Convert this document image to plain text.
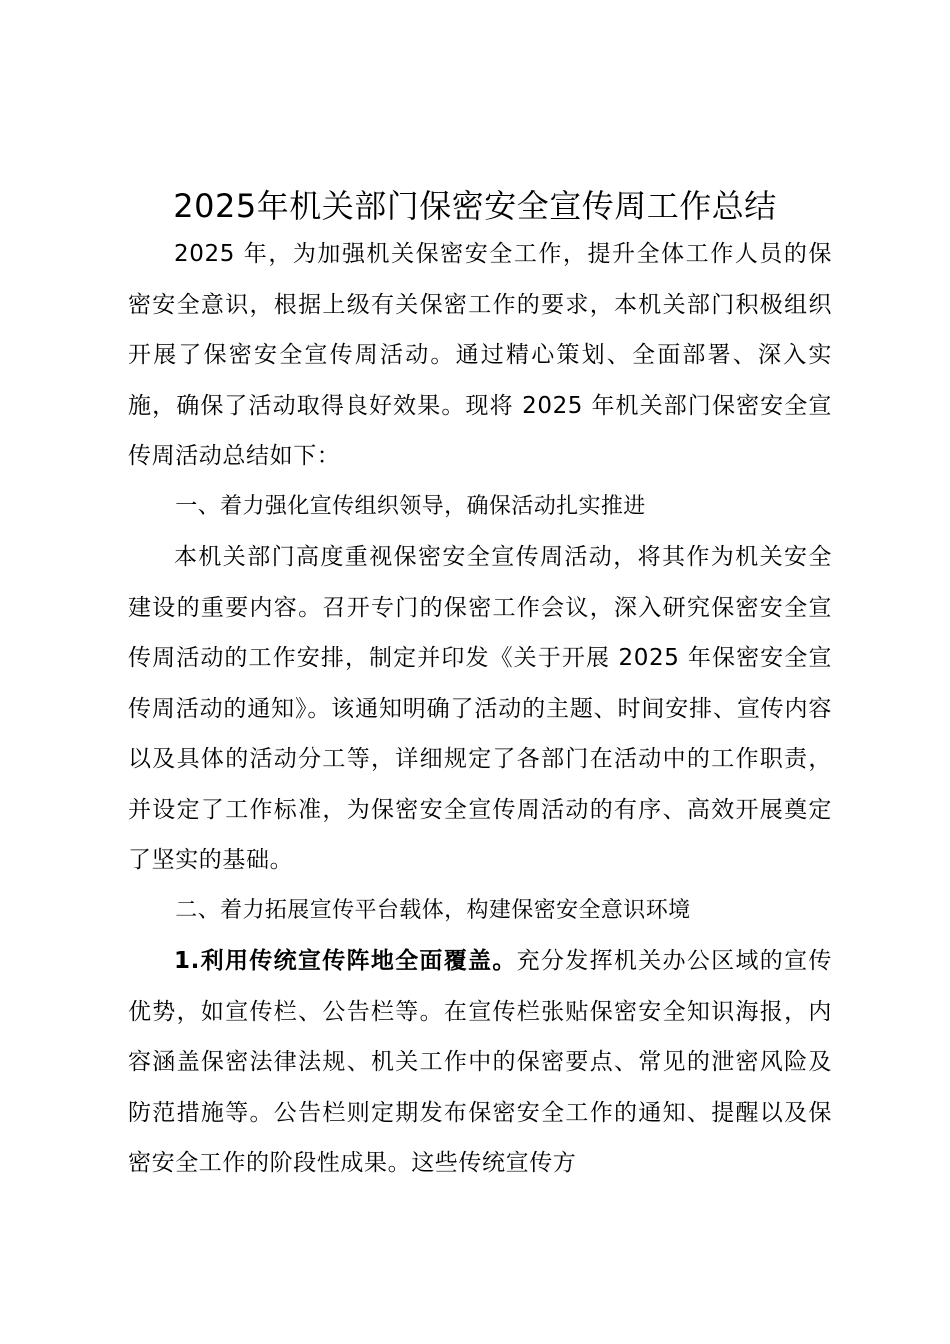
2025年机关部门保密安全宣传周工作总结

2025 年，为加强机关保密安全工作，提升全体工作人员的保密安全意识，根据上级有关保密工作的要求，本机关部门积极组织开展了保密安全宣传周活动。通过精心策划、全面部署、深入实施，确保了活动取得良好效果。现将 2025 年机关部门保密安全宣传周活动总结如下：

一、着力强化宣传组织领导，确保活动扎实推进

本机关部门高度重视保密安全宣传周活动，将其作为机关安全建设的重要内容。召开专门的保密工作会议，深入研究保密安全宣传周活动的工作安排，制定并印发《关于开展 2025 年保密安全宣传周活动的通知》。该通知明确了活动的主题、时间安排、宣传内容以及具体的活动分工等，详细规定了各部门在活动中的工作职责，并设定了工作标准，为保密安全宣传周活动的有序、高效开展奠定了坚实的基础。

二、着力拓展宣传平台载体，构建保密安全意识环境

1.利用传统宣传阵地全面覆盖。充分发挥机关办公区域的宣传优势，如宣传栏、公告栏等。在宣传栏张贴保密安全知识海报，内容涵盖保密法律法规、机关工作中的保密要点、常见的泄密风险及防范措施等。公告栏则定期发布保密安全工作的通知、提醒以及保密安全工作的阶段性成果。这些传统宣传方
